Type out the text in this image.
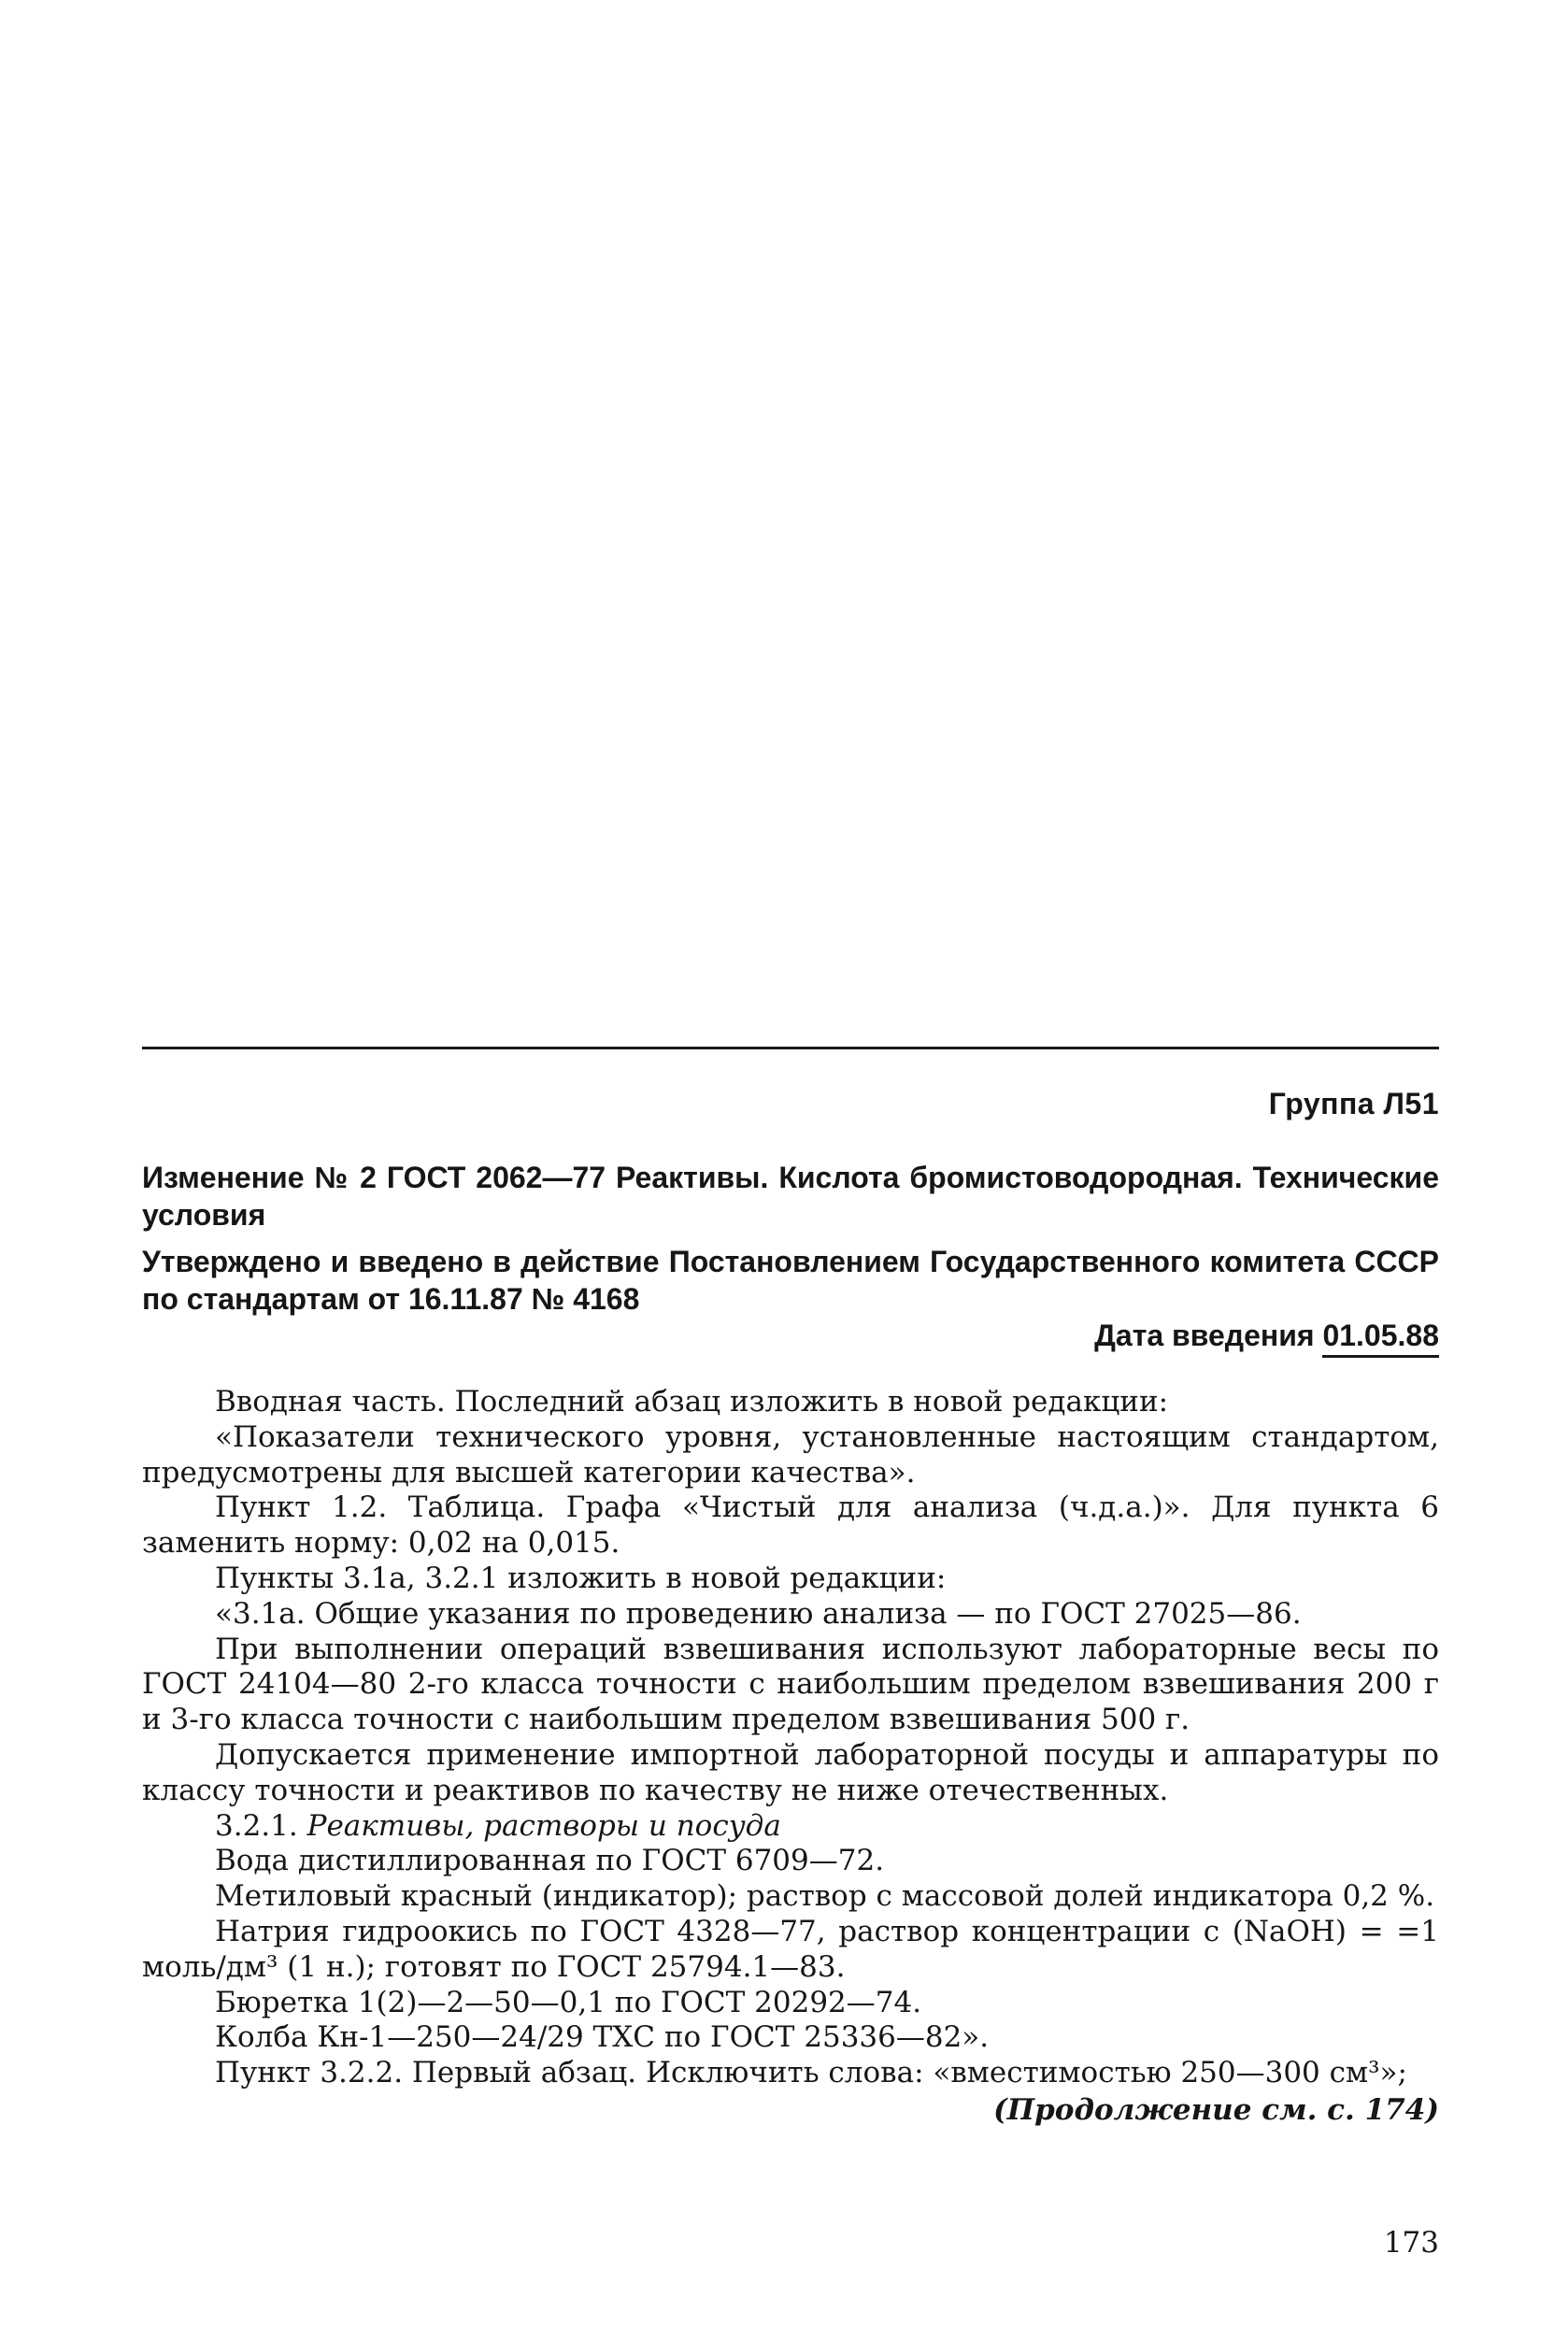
Группа Л51

Изменение № 2 ГОСТ 2062—77 Реактивы. Кислота бромистоводородная. Технические условия

Утверждено и введено в действие Постановлением Государственного комитета СССР по стандартам от 16.11.87 № 4168

Дата введения 01.05.88

Вводная часть. Последний абзац изложить в новой редакции:

«Показатели технического уровня, установленные настоящим стандартом, предусмотрены для высшей категории качества».

Пункт 1.2. Таблица. Графа «Чистый для анализа (ч.д.а.)». Для пункта 6 заменить норму: 0,02 на 0,015.

Пункты 3.1а, 3.2.1 изложить в новой редакции:

«3.1а. Общие указания по проведению анализа — по ГОСТ 27025—86.

При выполнении операций взвешивания используют лабораторные весы по ГОСТ 24104—80 2-го класса точности с наибольшим пределом взвешивания 200 г и 3-го класса точности с наибольшим пределом взвешивания 500 г.

Допускается применение импортной лабораторной посуды и аппаратуры по классу точности и реактивов по качеству не ниже отечественных.

3.2.1. Реактивы, растворы и посуда

Вода дистиллированная по ГОСТ 6709—72.

Метиловый красный (индикатор); раствор с массовой долей индикатора 0,2 %.

Натрия гидроокись по ГОСТ 4328—77, раствор концентрации c (NaOH) = =1 моль/дм³ (1 н.); готовят по ГОСТ 25794.1—83.

Бюретка 1(2)—2—50—0,1 по ГОСТ 20292—74.

Колба Кн-1—250—24/29 ТХС по ГОСТ 25336—82».

Пункт 3.2.2. Первый абзац. Исключить слова: «вместимостью 250—300 см³»;

(Продолжение см. с. 174)
173
